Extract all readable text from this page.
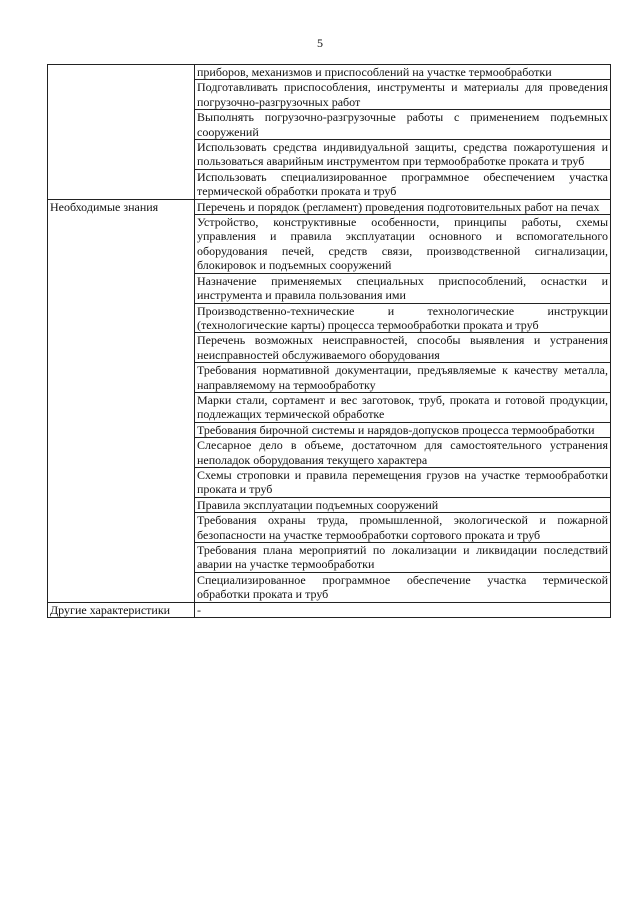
5
	приборов, механизмов и приспособлений на участке термообработки
	Подготавливать приспособления, инструменты и материалы для проведения погрузочно-разгрузочных работ
	Выполнять погрузочно-разгрузочные работы с применением подъемных сооружений
	Использовать средства индивидуальной защиты, средства пожаротушения и пользоваться аварийным инструментом при термообработке проката и труб
	Использовать специализированное программное обеспечением участка термической обработки проката и труб
Необходимые знания	Перечень и порядок (регламент) проведения подготовительных работ на печах
	Устройство, конструктивные особенности, принципы работы, схемы управления и правила эксплуатации основного и вспомогательного оборудования печей, средств связи, производственной сигнализации, блокировок и подъемных сооружений
	Назначение применяемых специальных приспособлений, оснастки и инструмента и правила пользования ими
	Производственно-технические и технологические инструкции (технологические карты) процесса термообработки проката и труб
	Перечень возможных неисправностей, способы выявления и устранения неисправностей обслуживаемого оборудования
	Требования нормативной документации, предъявляемые к качеству металла, направляемому на термообработку
	Марки стали, сортамент и вес заготовок, труб, проката и готовой продукции, подлежащих термической обработке
	Требования бирочной системы и нарядов-допусков процесса термообработки
	Слесарное дело в объеме, достаточном для самостоятельного устранения неполадок оборудования текущего характера
	Схемы строповки и правила перемещения грузов на участке термообработки проката и труб
	Правила эксплуатации подъемных сооружений
	Требования охраны труда, промышленной, экологической и пожарной безопасности на участке термообработки сортового проката и труб
	Требования плана мероприятий по локализации и ликвидации последствий аварии на участке термообработки
	Специализированное программное обеспечение участка термической обработки проката и труб
Другие характеристики	-
